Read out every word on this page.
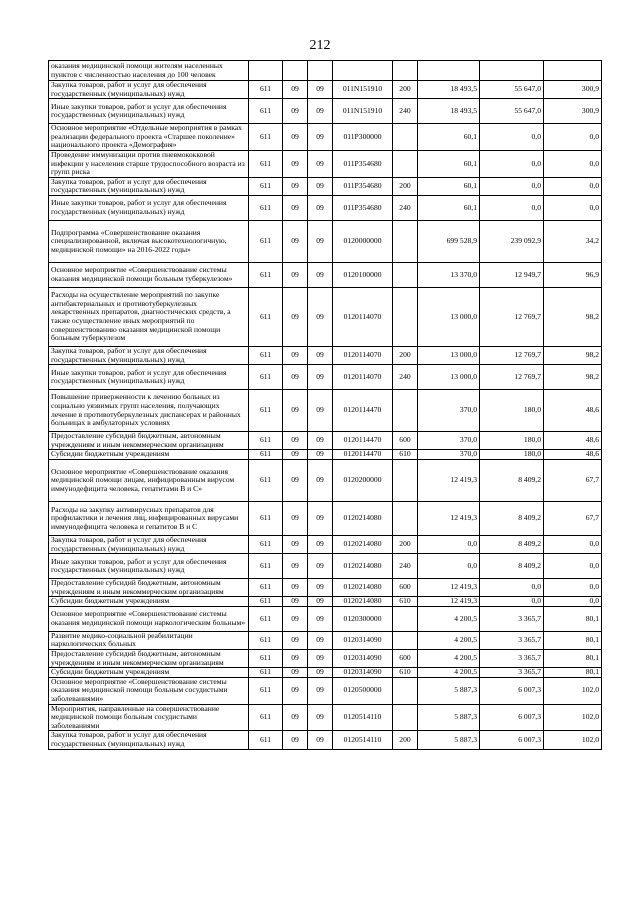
212
оказания медицинской помощи жителям населенных пунктов с численностью населения до 100 человек								
Закупка товаров, работ и услуг для обеспечения государственных (муниципальных) нужд	611	09	09	011N151910	200	18 493,5	55 647,0	300,9
Иные закупки товаров, работ и услуг для обеспечения государственных (муниципальных) нужд	611	09	09	011N151910	240	18 493,5	55 647,0	300,9
Основное мероприятие «Отдельные мероприятия в рамках реализации федерального проекта «Старшее поколение» национального проекта «Демография»	611	09	09	011P300000		60,1	0,0	0,0
Проведение иммунизации против пневмококковой инфекции у населения старше трудоспособного возраста из групп риска	611	09	09	011P354680		60,1	0,0	0,0
Закупка товаров, работ и услуг для обеспечения государственных (муниципальных) нужд	611	09	09	011P354680	200	60,1	0,0	0,0
Иные закупки товаров, работ и услуг для обеспечения государственных (муниципальных) нужд	611	09	09	011P354680	240	60,1	0,0	0,0
Подпрограмма «Совершенствование оказания специализированной, включая высокотехнологичную, медицинской помощи» на 2016-2022 годы»	611	09	09	0120000000		699 528,9	239 092,9	34,2
Основное мероприятие «Совершенствование системы оказания медицинской помощи больным туберкулезом»	611	09	09	0120100000		13 370,0	12 949,7	96,9
Расходы на осуществление мероприятий по закупке антибактериальных и противотуберкулезных лекарственных препаратов, диагностических средств, а также осуществление иных мероприятий по совершенствованию оказания медицинской помощи больным туберкулезом	611	09	09	0120114070		13 000,0	12 769,7	98,2
Закупка товаров, работ и услуг для обеспечения государственных (муниципальных) нужд	611	09	09	0120114070	200	13 000,0	12 769,7	98,2
Иные закупки товаров, работ и услуг для обеспечения государственных (муниципальных) нужд	611	09	09	0120114070	240	13 000,0	12 769,7	98,2
Повышение приверженности к лечению больных из социально уязвимых групп населения, получающих лечение в противотуберкулезных диспансерах и районных больницах в амбулаторных условиях	611	09	09	0120114470		370,0	180,0	48,6
Предоставление субсидий бюджетным, автономным учреждениям и иным некоммерческим организациям	611	09	09	0120114470	600	370,0	180,0	48,6
Субсидии бюджетным учреждениям	611	09	09	0120114470	610	370,0	180,0	48,6
Основное мероприятие «Совершенствование оказания медицинской помощи лицам, инфицированным вирусом иммунодефицита человека, гепатитами В и С»	611	09	09	0120200000		12 419,3	8 409,2	67,7
Расходы на закупку антивирусных препаратов для профилактики и лечения лиц, инфицированных вирусами иммунодефицита человека и гепатитов В и С	611	09	09	0120214080		12 419,3	8 409,2	67,7
Закупка товаров, работ и услуг для обеспечения государственных (муниципальных) нужд	611	09	09	0120214080	200	0,0	8 409,2	0,0
Иные закупки товаров, работ и услуг для обеспечения государственных (муниципальных) нужд	611	09	09	0120214080	240	0,0	8 409,2	0,0
Предоставление субсидий бюджетным, автономным учреждениям и иным некоммерческим организациям	611	09	09	0120214080	600	12 419,3	0,0	0,0
Субсидии бюджетным учреждениям	611	09	09	0120214080	610	12 419,3	0,0	0,0
Основное мероприятие «Совершенствование системы оказания медицинской помощи наркологическим больным»	611	09	09	0120300000		4 200,5	3 365,7	80,1
Развитие медико-социальной реабилитации наркологических больных	611	09	09	0120314090		4 200,5	3 365,7	80,1
Предоставление субсидий бюджетным, автономным учреждениям и иным некоммерческим организациям	611	09	09	0120314090	600	4 200,5	3 365,7	80,1
Субсидии бюджетным учреждениям	611	09	09	0120314090	610	4 200,5	3 365,7	80,1
Основное мероприятие «Совершенствование системы оказания медицинской помощи больным сосудистыми заболеваниями»	611	09	09	0120500000		5 887,3	6 007,3	102,0
Мероприятия, направленные на совершенствование медицинской помощи больным сосудистыми заболеваниями	611	09	09	0120514110		5 887,3	6 007,3	102,0
Закупка товаров, работ и услуг для обеспечения государственных (муниципальных) нужд	611	09	09	0120514110	200	5 887,3	6 007,3	102,0
